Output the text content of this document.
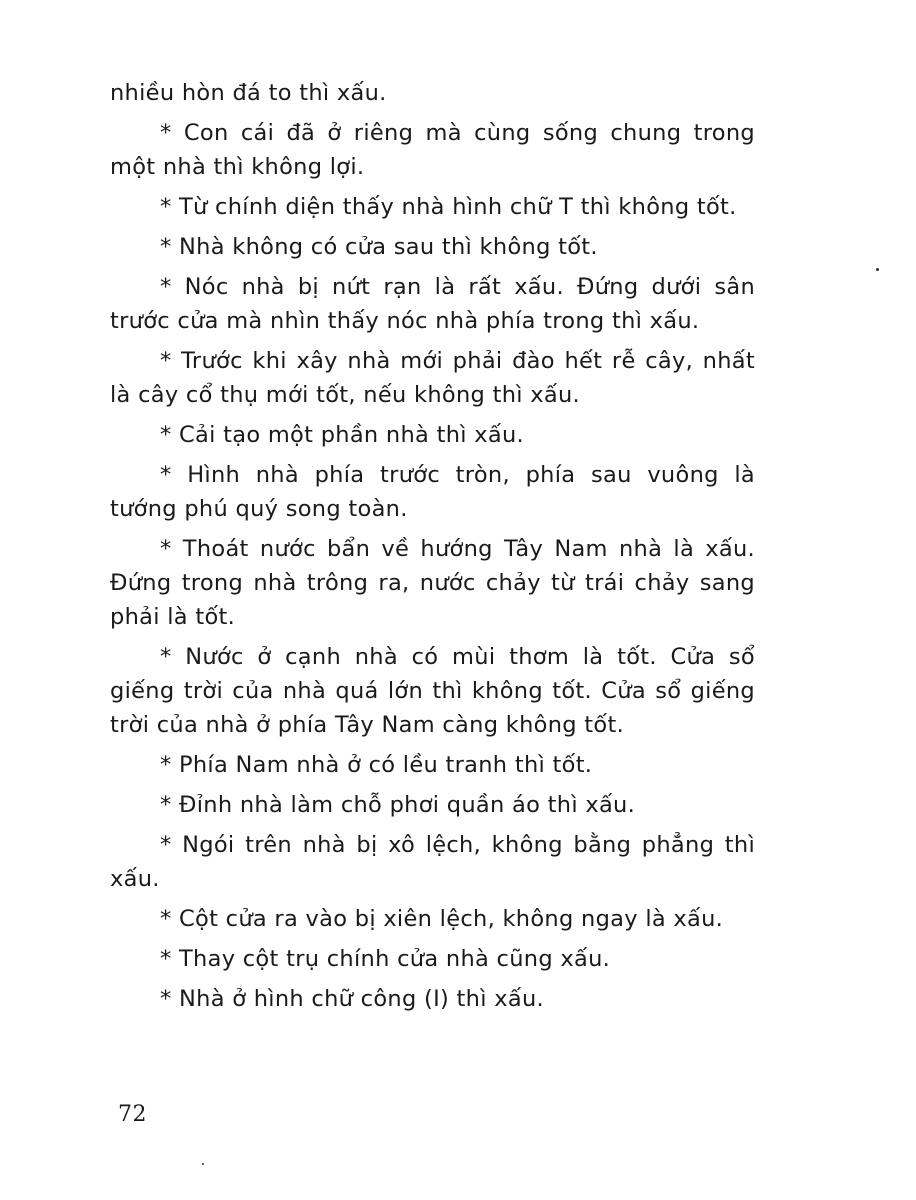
nhiều hòn đá to thì xấu.

* Con cái đã ở riêng mà cùng sống chung trong một nhà thì không lợi.

* Từ chính diện thấy nhà hình chữ T thì không tốt.

* Nhà không có cửa sau thì không tốt.

* Nóc nhà bị nứt rạn là rất xấu. Đứng dưới sân trước cửa mà nhìn thấy nóc nhà phía trong thì xấu.

* Trước khi xây nhà mới phải đào hết rễ cây, nhất là cây cổ thụ mới tốt, nếu không thì xấu.

* Cải tạo một phần nhà thì xấu.

* Hình nhà phía trước tròn, phía sau vuông là tướng phú quý song toàn.

* Thoát nước bẩn về hướng Tây Nam nhà là xấu. Đứng trong nhà trông ra, nước chảy từ trái chảy sang phải là tốt.

* Nước ở cạnh nhà có mùi thơm là tốt. Cửa sổ giếng trời của nhà quá lớn thì không tốt. Cửa sổ giếng trời của nhà ở phía Tây Nam càng không tốt.

* Phía Nam nhà ở có lều tranh thì tốt.

* Đỉnh nhà làm chỗ phơi quần áo thì xấu.

* Ngói trên nhà bị xô lệch, không bằng phẳng thì xấu.

* Cột cửa ra vào bị xiên lệch, không ngay là xấu.

* Thay cột trụ chính cửa nhà cũng xấu.

* Nhà ở hình chữ công (I) thì xấu.

72
